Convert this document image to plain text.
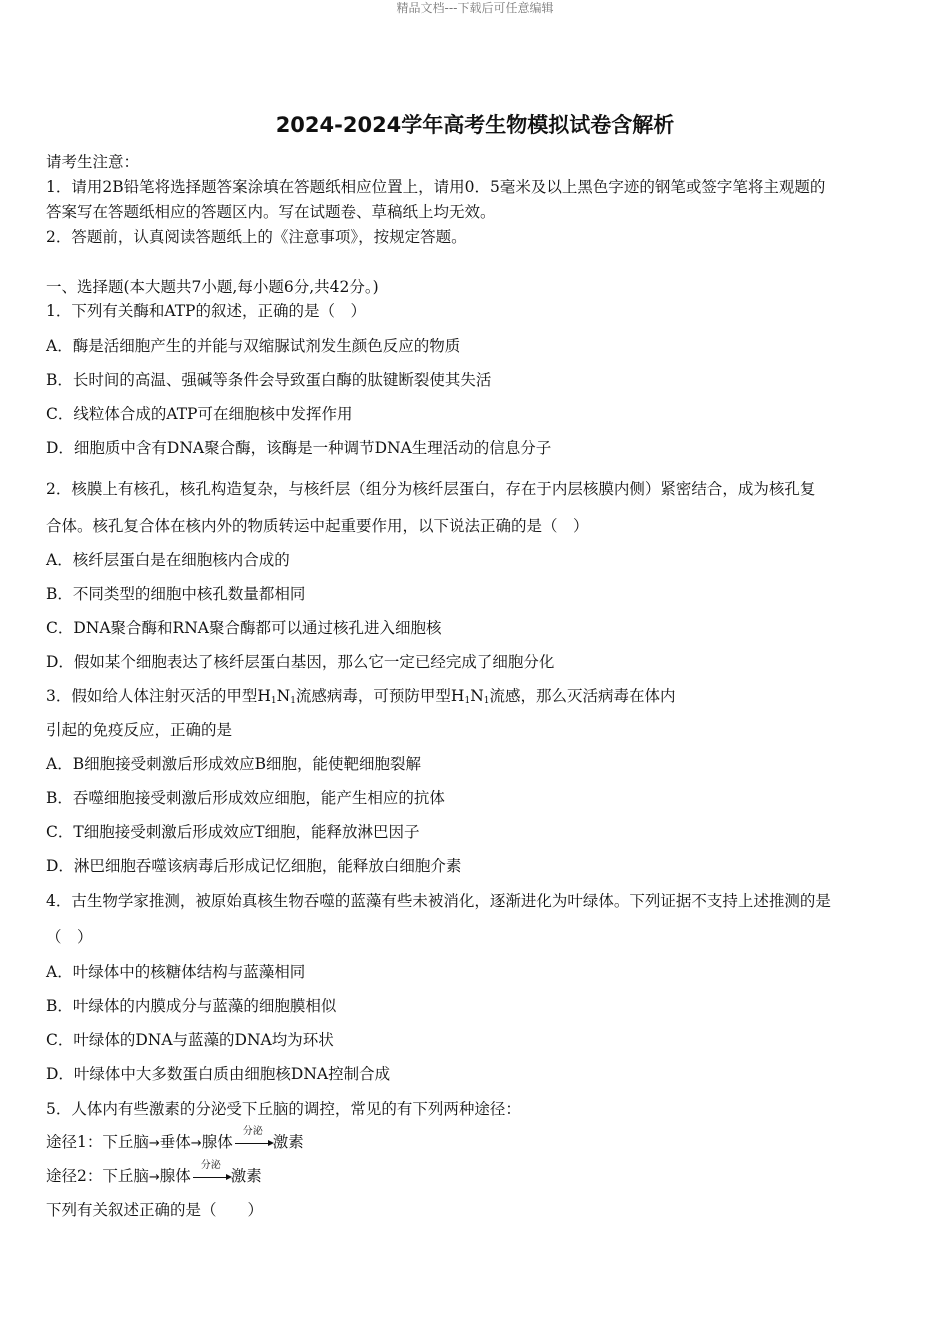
精品文档---下载后可任意编辑
2024-2024学年高考生物模拟试卷含解析
请考生注意：
1．请用2B铅笔将选择题答案涂填在答题纸相应位置上，请用0．5毫米及以上黑色字迹的钢笔或签字笔将主观题的
答案写在答题纸相应的答题区内。写在试题卷、草稿纸上均无效。
2．答题前，认真阅读答题纸上的《注意事项》，按规定答题。
一、选择题(本大题共7小题,每小题6分,共42分。)
1．下列有关酶和ATP的叙述，正确的是（　）
A．酶是活细胞产生的并能与双缩脲试剂发生颜色反应的物质
B．长时间的高温、强碱等条件会导致蛋白酶的肽键断裂使其失活
C．线粒体合成的ATP可在细胞核中发挥作用
D．细胞质中含有DNA聚合酶，该酶是一种调节DNA生理活动的信息分子
2．核膜上有核孔，核孔构造复杂，与核纤层（组分为核纤层蛋白，存在于内层核膜内侧）紧密结合，成为核孔复
合体。核孔复合体在核内外的物质转运中起重要作用，以下说法正确的是（　）
A．核纤层蛋白是在细胞核内合成的
B．不同类型的细胞中核孔数量都相同
C．DNA聚合酶和RNA聚合酶都可以通过核孔进入细胞核
D．假如某个细胞表达了核纤层蛋白基因，那么它一定已经完成了细胞分化
3．假如给人体注射灭活的甲型$H_1N_1$流感病毒，可预防甲型$H_1N_1$流感，那么灭活病毒在体内
引起的免疫反应，正确的是
A．B细胞接受刺激后形成效应B细胞，能使靶细胞裂解
B．吞噬细胞接受刺激后形成效应细胞，能产生相应的抗体
C．T细胞接受刺激后形成效应T细胞，能释放淋巴因子
D．淋巴细胞吞噬该病毒后形成记忆细胞，能释放白细胞介素
4．古生物学家推测，被原始真核生物吞噬的蓝藻有些未被消化，逐渐进化为叶绿体。下列证据不支持上述推测的是
（　）
A．叶绿体中的核糖体结构与蓝藻相同
B．叶绿体的内膜成分与蓝藻的细胞膜相似
C．叶绿体的DNA与蓝藻的DNA均为环状
D．叶绿体中大多数蛋白质由细胞核DNA控制合成
5．人体内有些激素的分泌受下丘脑的调控，常见的有下列两种途径：
途径1：下丘脑→垂体→腺体
分泌
激素
途径2：下丘脑→腺体
分泌
激素
下列有关叙述正确的是（　　）
